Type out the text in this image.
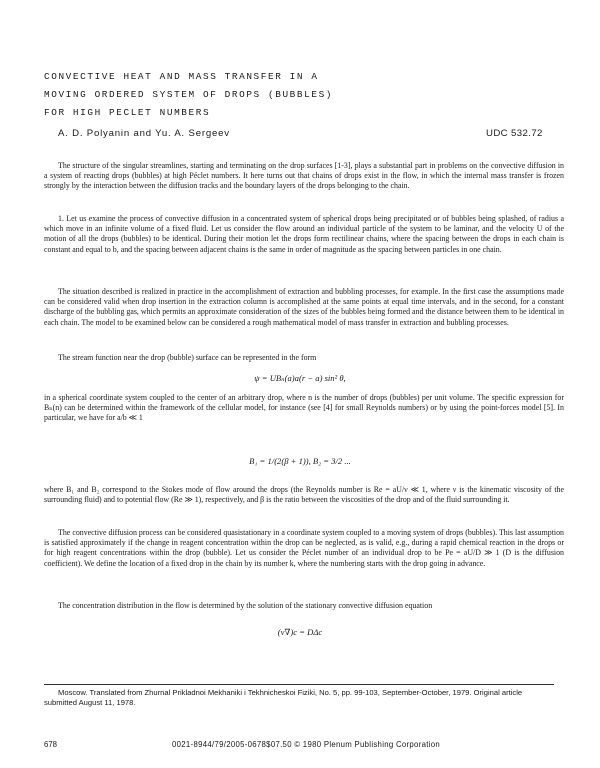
CONVECTIVE HEAT AND MASS TRANSFER IN A
MOVING ORDERED SYSTEM OF DROPS (BUBBLES)
FOR HIGH PECLET NUMBERS
A. D. Polyanin and Yu. A. Sergeev	UDC 532.72
The structure of the singular streamlines, starting and terminating on the drop surfaces [1-3], plays a substantial part in problems on the convective diffusion in a system of reacting drops (bubbles) at high Péclet numbers. It here turns out that chains of drops exist in the flow, in which the internal mass transfer is frozen strongly by the interaction between the diffusion tracks and the boundary layers of the drops belonging to the chain.
1. Let us examine the process of convective diffusion in a concentrated system of spherical drops being precipitated or of bubbles being splashed, of radius a which move in an infinite volume of a fixed fluid. Let us consider the flow around an individual particle of the system to be laminar, and the velocity U of the motion of all the drops (bubbles) to be identical. During their motion let the drops form rectilinear chains, where the spacing between the drops in each chain is constant and equal to b, and the spacing between adjacent chains is the same in order of magnitude as the spacing between particles in one chain.
The situation described is realized in practice in the accomplishment of extraction and bubbling processes, for example. In the first case the assumptions made can be considered valid when drop insertion in the extraction column is accomplished at the same points at equal time intervals, and in the second, for a constant discharge of the bubbling gas, which permits an approximate consideration of the sizes of the bubbles being formed and the distance between them to be identical in each chain. The model to be examined below can be considered a rough mathematical model of mass transfer in extraction and bubbling processes.
The stream function near the drop (bubble) surface can be represented in the form
ψ = UBₙ(a)a(r − a) sin² θ,
in a spherical coordinate system coupled to the center of an arbitrary drop, where n is the number of drops (bubbles) per unit volume. The specific expression for Bₙ(n) can be determined within the framework of the cellular model, for instance (see [4] for small Reynolds numbers) or by using the point-forces model [5]. In particular, we have for a/b ≪ 1
B₁ = 1/(2(β + 1)), B₂ = 3/2 ...
where B₁ and B₂ correspond to the Stokes mode of flow around the drops (the Reynolds number is Re = aU/ν ≪ 1, where ν is the kinematic viscosity of the surrounding fluid) and to potential flow (Re ≫ 1), respectively, and β is the ratio between the viscosities of the drop and of the fluid surrounding it.
The convective diffusion process can be considered quasistationary in a coordinate system coupled to a moving system of drops (bubbles). This last assumption is satisfied approximately if the change in reagent concentration within the drop can be neglected, as is valid, e.g., during a rapid chemical reaction in the drops or for high reagent concentrations within the drop (bubble). Let us consider the Péclet number of an individual drop to be Pe = aU/D ≫ 1 (D is the diffusion coefficient). We define the location of a fixed drop in the chain by its number k, where the numbering starts with the drop going in advance.
The concentration distribution in the flow is determined by the solution of the stationary convective diffusion equation
(v∇)c = DΔc
Moscow. Translated from Zhurnal Prikladnoi Mekhaniki i Tekhnicheskoi Fiziki, No. 5, pp. 99-103, September-October, 1979. Original article submitted August 11, 1978.
678	0021-8944/79/2005-0678$07.50 © 1980 Plenum Publishing Corporation
